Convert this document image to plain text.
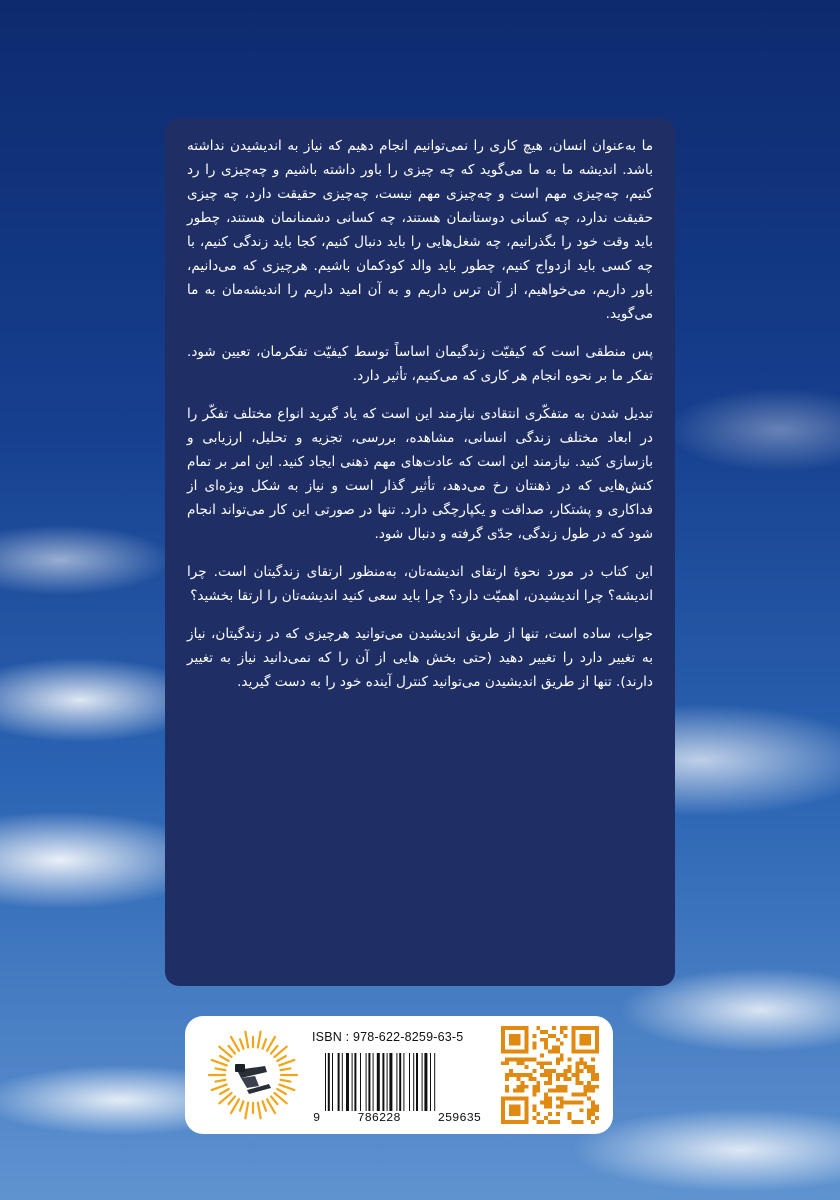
ما به‌عنوان انسان، هیچ کاری را نمی‌توانیم انجام دهیم که نیاز به اندیشیدن نداشته باشد. اندیشه ما به ما می‌گوید که چه چیزی را باور داشته باشیم و چه‌چیزی را رد کنیم، چه‌چیزی مهم است و چه‌چیزی مهم نیست، چه‌چیزی حقیقت دارد، چه چیزی حقیقت ندارد، چه کسانی دوستانمان هستند، چه کسانی دشمنانمان هستند، چطور باید وقت خود را بگذرانیم، چه شغل‌هایی را باید دنبال کنیم، کجا باید زندگی کنیم، با چه کسی باید ازدواج کنیم، چطور باید والد کودکمان باشیم. هرچیزی که می‌دانیم، باور داریم، می‌خواهیم، از آن ترس داریم و به آن امید داریم را اندیشه‌مان به ما می‌گوید.

پس منطقی است که کیفیّت زندگیمان اساساً توسط کیفیّت تفکرمان، تعیین شود. تفکر ما بر نحوه انجام هر کاری که می‌کنیم، تأثیر دارد.

تبدیل شدن به متفکّری انتقادی نیازمند این است که یاد گیرید انواع مختلف تفکّر را در ابعاد مختلف زندگی انسانی، مشاهده، بررسی، تجزیه و تحلیل، ارزیابی و بازسازی کنید. نیازمند این است که عادت‌های مهم ذهنی ایجاد کنید. این امر بر تمام کنش‌هایی که در ذهنتان رخ می‌دهد، تأثیر گذار است و نیاز به شکل ویژه‌ای از فداکاری و پشتکار، صداقت و یکپارچگی دارد. تنها در صورتی این کار می‌تواند انجام شود که در طول زندگی، جدّی گرفته و دنبال شود.

این کتاب در مورد نحوهٔ ارتقای اندیشه‌تان، به‌منظور ارتقای زندگیتان است. چرا اندیشه؟ چرا اندیشیدن، اهمیّت دارد؟ چرا باید سعی کنید اندیشه‌تان را ارتقا بخشید؟

جواب، ساده است، تنها از طریق اندیشیدن می‌توانید هرچیزی که در زندگیتان، نیاز به تغییر دارد را تغییر دهید (حتی بخش هایی از آن را که نمی‌دانید نیاز به تغییر دارند). تنها از طریق اندیشیدن می‌توانید کنترل آینده خود را به دست گیرید.

ISBN : 978-622-8259-63-5
9	786228	259635
